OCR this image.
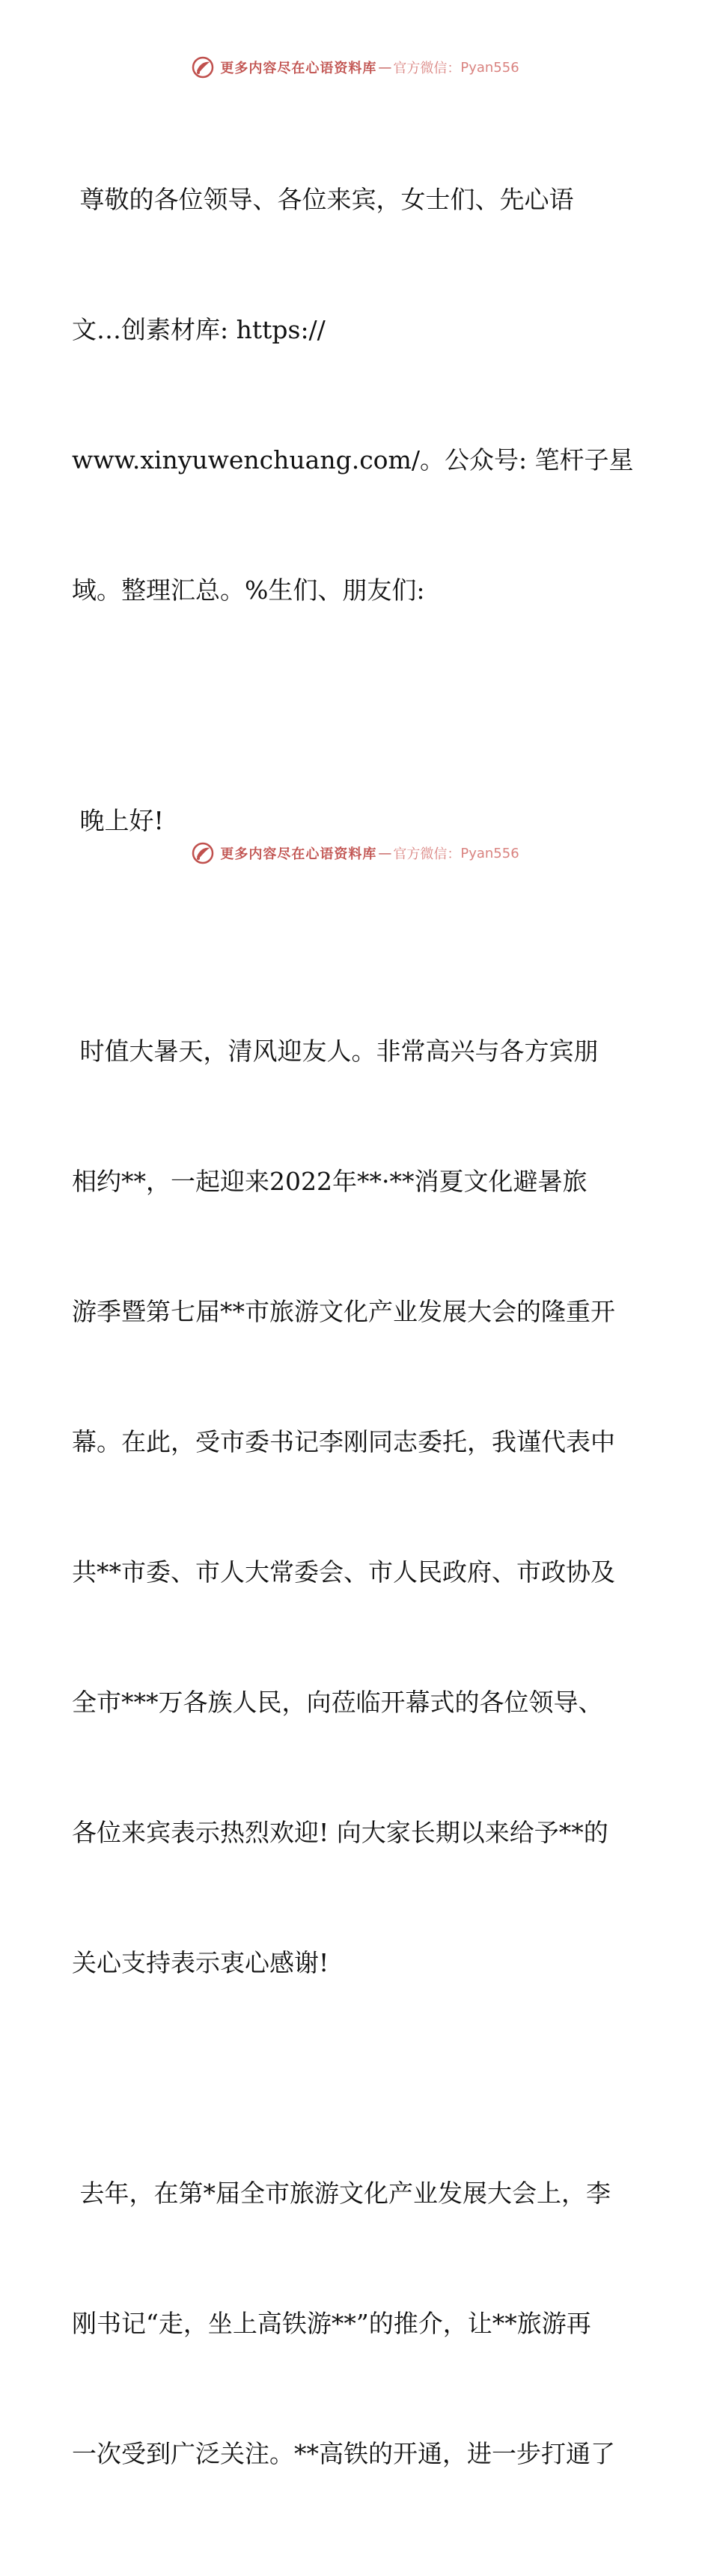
更多内容尽在心语资料库 — 官方微信： Pyan556

尊敬的各位领导、各位来宾，女士们、先心语

文…创素材库: https://

www.xinyuwenchuang.com/。公众号: 笔杆子星

域。整理汇总。%生们、朋友们:

晚上好!

时值大暑天，清风迎友人。非常高兴与各方宾朋

相约**，一起迎来2022年**·**消夏文化避暑旅

游季暨第七届**市旅游文化产业发展大会的隆重开

幕。在此，受市委书记李刚同志委托，我谨代表中

共**市委、市人大常委会、市人民政府、市政协及

全市***万各族人民，向莅临开幕式的各位领导、

各位来宾表示热烈欢迎! 向大家长期以来给予**的

关心支持表示衷心感谢!

去年，在第*届全市旅游文化产业发展大会上，李

刚书记“走，坐上高铁游**”的推介，让**旅游再

一次受到广泛关注。**高铁的开通，进一步打通了

更多内容尽在心语资料库 — 官方微信： Pyan556
